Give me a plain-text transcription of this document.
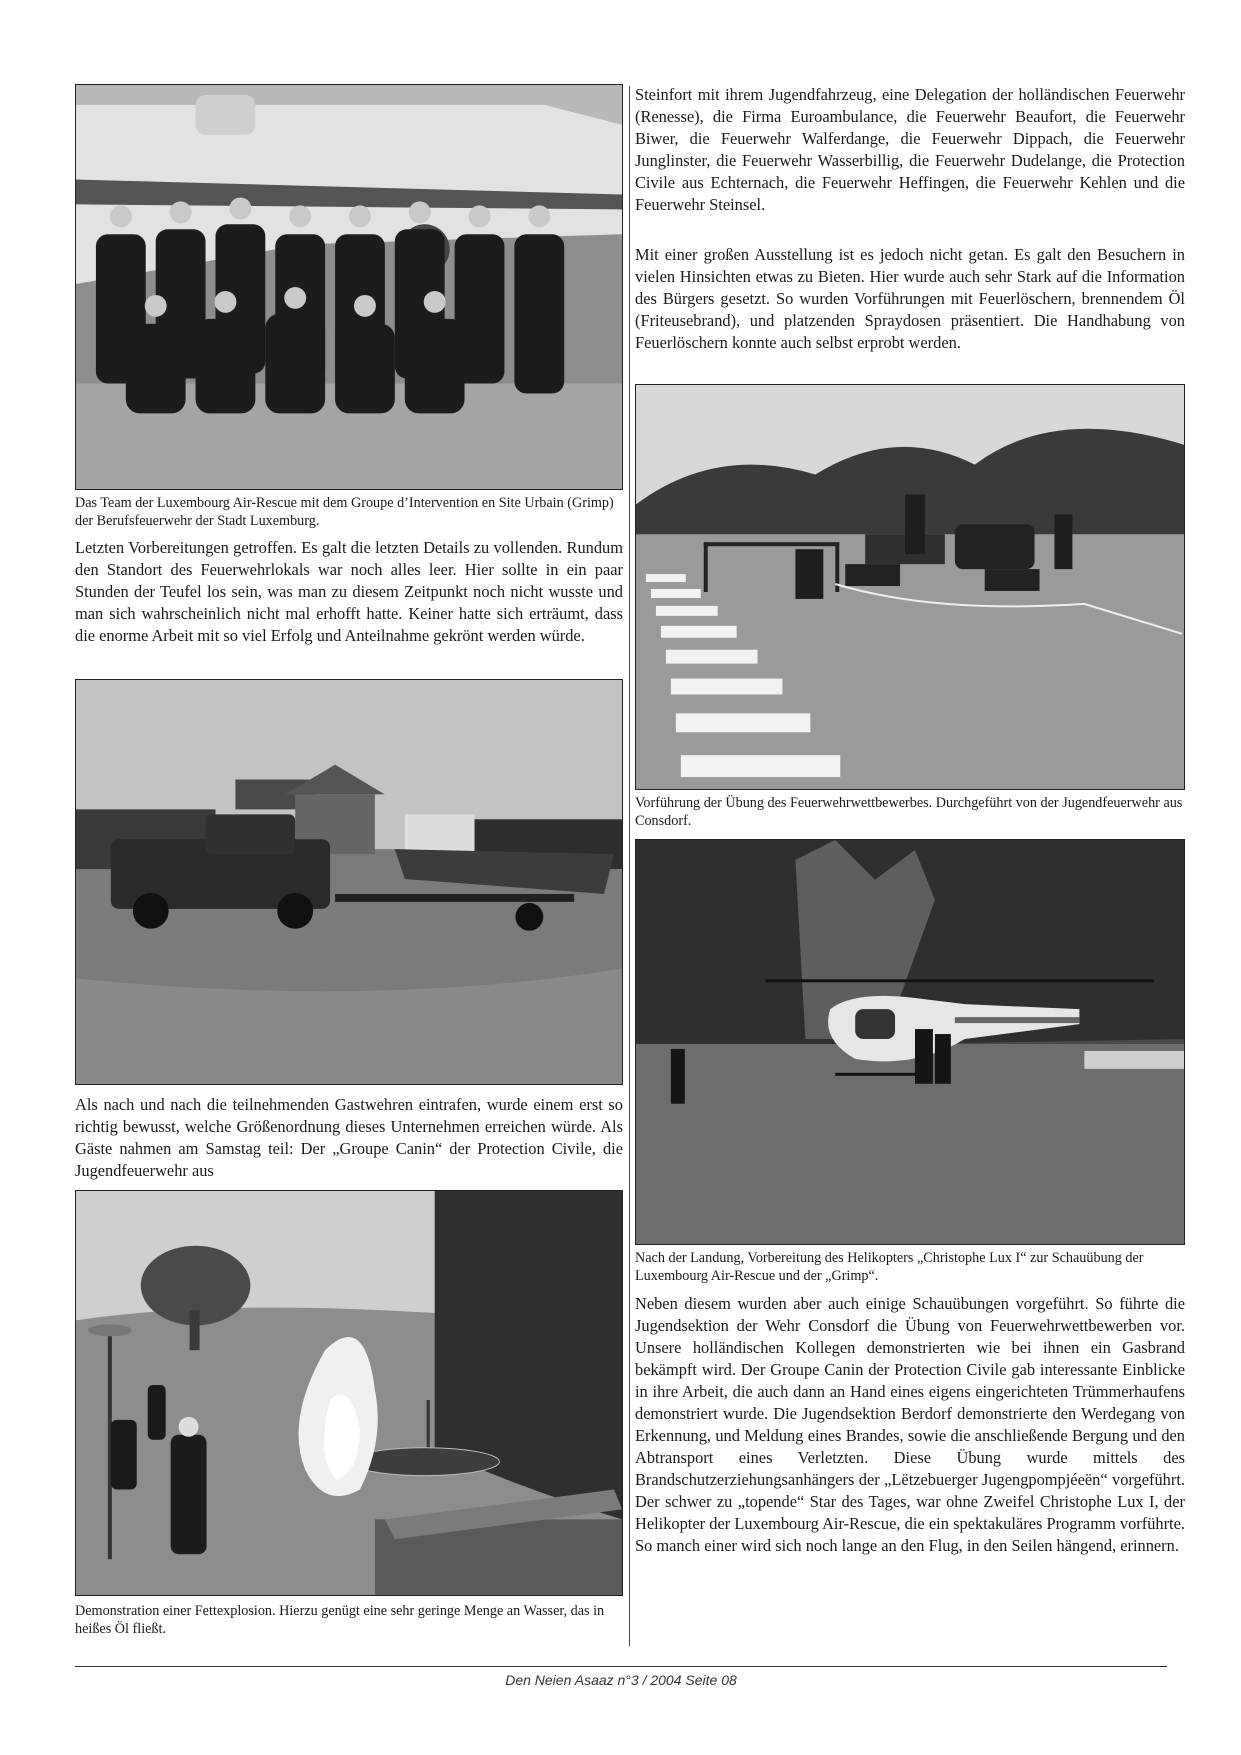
Das Team der Luxembourg Air-Rescue mit dem Groupe d’Intervention en Site Urbain (Grimp) der Berufsfeuerwehr der Stadt Luxemburg.
Letzten Vorbereitungen getroffen. Es galt die letzten Details zu vollenden. Rundum den Standort des Feuerwehrlokals war noch alles leer. Hier sollte in ein paar Stunden der Teufel los sein, was man zu diesem Zeitpunkt noch nicht wusste und man sich wahrscheinlich nicht mal erhofft hatte. Keiner hatte sich erträumt, dass die enorme Arbeit mit so viel Erfolg und Anteilnahme gekrönt werden würde.
Als nach und nach die teilnehmenden Gastwehren eintrafen, wurde einem erst so richtig bewusst, welche Größenordnung dieses Unternehmen erreichen würde. Als Gäste nahmen am Samstag teil: Der „Groupe Canin“ der Protection Civile, die Jugendfeuerwehr aus
Demonstration einer Fettexplosion. Hierzu genügt eine sehr geringe Menge an Wasser, das in heißes Öl fließt.
Steinfort mit ihrem Jugendfahrzeug, eine Delegation der holländischen Feuerwehr (Renesse), die Firma Euroambulance, die Feuerwehr Beaufort, die Feuerwehr Biwer, die Feuerwehr Walferdange, die Feuerwehr Dippach, die Feuerwehr Junglinster, die Feuerwehr Wasserbillig, die Feuerwehr Dudelange, die Protection Civile aus Echternach, die Feuerwehr Heffingen, die Feuerwehr Kehlen und die Feuerwehr Steinsel.
Mit einer großen Ausstellung ist es jedoch nicht getan. Es galt den Besuchern in vielen Hinsichten etwas zu Bieten. Hier wurde auch sehr Stark auf die Information des Bürgers gesetzt. So wurden Vorführungen mit Feuerlöschern, brennendem Öl (Friteusebrand), und platzenden Spraydosen präsentiert. Die Handhabung von Feuerlöschern konnte auch selbst erprobt werden.
Vorführung der Übung des Feuerwehrwettbewerbes. Durchgeführt von der Jugendfeuerwehr aus Consdorf.
Nach der Landung, Vorbereitung des Helikopters „Christophe Lux I“ zur Schauübung der Luxembourg Air-Rescue und der „Grimp“.
Neben diesem wurden aber auch einige Schauübungen vorgeführt. So führte die Jugendsektion der Wehr Consdorf die Übung von Feuerwehrwettbewerben vor. Unsere holländischen Kollegen demonstrierten wie bei ihnen ein Gasbrand bekämpft wird. Der Groupe Canin der Protection Civile gab interessante Einblicke in ihre Arbeit, die auch dann an Hand eines eigens eingerichteten Trümmerhaufens demonstriert wurde. Die Jugendsektion Berdorf demonstrierte den Werdegang von Erkennung, und Meldung eines Brandes, sowie die anschließende Bergung und den Abtransport eines Verletzten. Diese Übung wurde mittels des Brandschutzerziehungsanhängers der „Lëtzebuerger Jugengpompjéeën“ vorgeführt. Der schwer zu „topende“ Star des Tages, war ohne Zweifel Christophe Lux I, der Helikopter der Luxembourg Air-Rescue, die ein spektakuläres Programm vorführte. So manch einer wird sich noch lange an den Flug, in den Seilen hängend, erinnern.
Den Neien Asaaz n°3 / 2004 Seite 08
